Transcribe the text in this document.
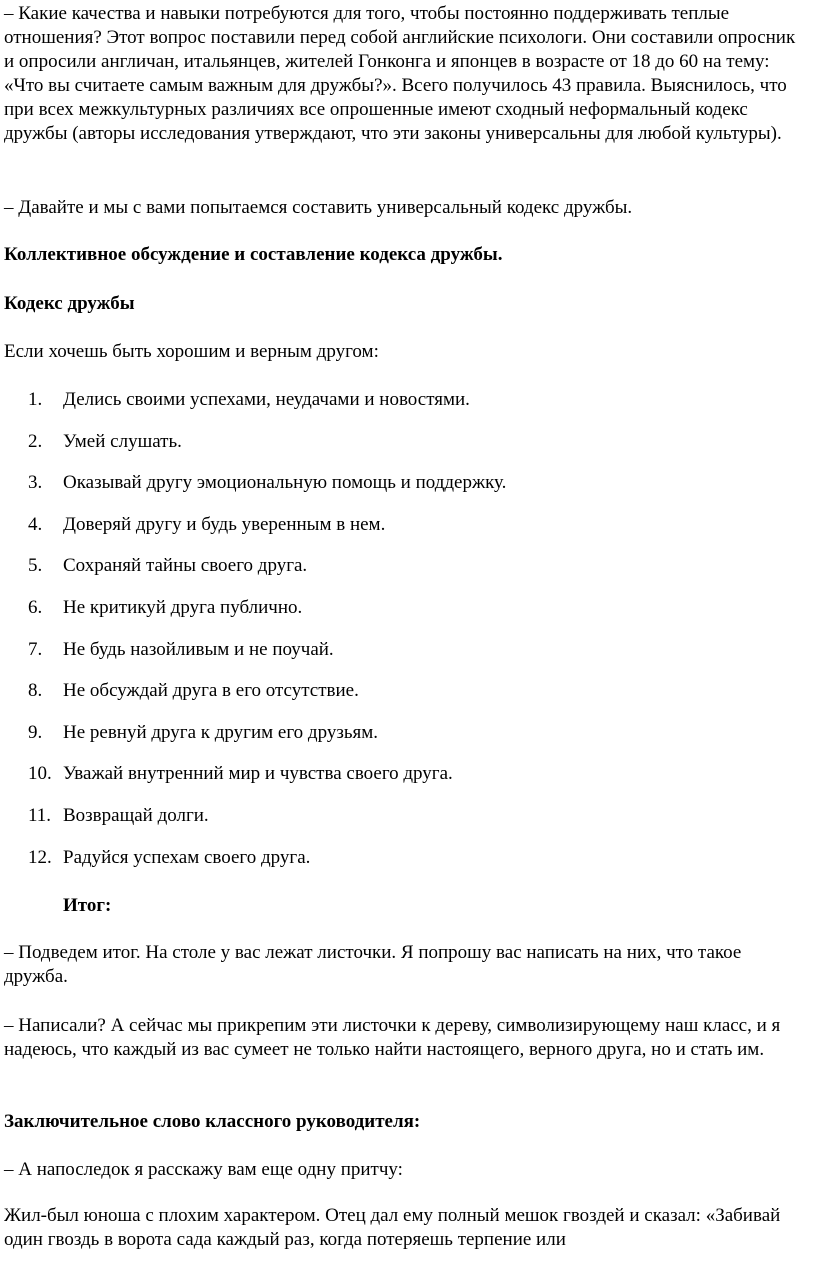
– Какие качества и навыки потребуются для того, чтобы постоянно поддерживать теплые отношения? Этот вопрос поставили перед собой английские психологи. Они составили опросник и опросили англичан, итальянцев, жителей Гонконга и японцев в возрасте от 18 до 60 на тему: «Что вы считаете самым важным для дружбы?». Всего получилось 43 правила. Выяснилось, что при всех межкультурных различиях все опрошенные имеют сходный неформальный кодекс дружбы (авторы исследования утверждают, что эти законы универсальны для любой культуры).

– Давайте и мы с вами попытаемся составить универсальный кодекс дружбы.

Коллективное обсуждение и составление кодекса дружбы.

Кодекс дружбы

Если хочешь быть хорошим и верным другом:

1.	Делись своими успехами, неудачами и новостями.
2.	Умей слушать.
3.	Оказывай другу эмоциональную помощь и поддержку.
4.	Доверяй другу и будь уверенным в нем.
5.	Сохраняй тайны своего друга.
6.	Не критикуй друга публично.
7.	Не будь назойливым и не поучай.
8.	Не обсуждай друга в его отсутствие.
9.	Не ревнуй друга к другим его друзьям.
10. Уважай внутренний мир и чувства своего друга.
11. Возвращай долги.
12. Радуйся успехам своего друга.

Итог:

– Подведем итог. На столе у вас лежат листочки. Я попрошу вас написать на них, что такое дружба.

– Написали? А сейчас мы прикрепим эти листочки к дереву, символизирующему наш класс, и я надеюсь, что каждый из вас сумеет не только найти настоящего, верного друга, но и стать им.

Заключительное слово классного руководителя:

– А напоследок я расскажу вам еще одну притчу:

Жил-был юноша с плохим характером. Отец дал ему полный мешок гвоздей и сказал: «Забивай один гвоздь в ворота сада каждый раз, когда потеряешь терпение или
